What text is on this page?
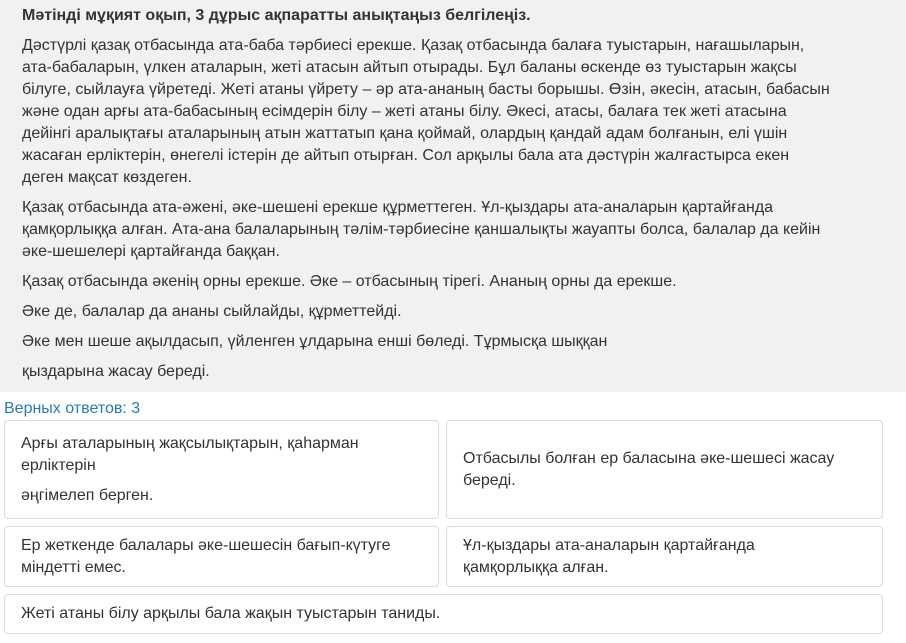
Мәтінді мұқият оқып, 3 дұрыс ақпаратты анықтаңыз белгілеңіз.

Дәстүрлі қазақ отбасында ата-баба тәрбиесі ерекше. Қазақ отбасында балаға туыстарын, нағашыларын,
ата-бабаларын, үлкен аталарын, жеті атасын айтып отырады. Бұл баланы өскенде өз туыстарын жақсы
білуге, сыйлауға үйретеді. Жеті атаны үйрету – әр ата-ананың басты борышы. Өзін, әкесін, атасын, бабасын
және одан арғы ата-бабасының есімдерін білу – жеті атаны білу. Әкесі, атасы, балаға тек жеті атасына
дейінгі аралықтағы аталарының атын жаттатып қана қоймай, олардың қандай адам болғанын, елі үшін
жасаған ерліктерін, өнегелі істерін де айтып отырған. Сол арқылы бала ата дәстүрін жалғастырса екен
деген мақсат көздеген.

Қазақ отбасында ата-әжені, әке-шешені ерекше құрметтеген. Ұл-қыздары ата-аналарын қартайғанда
қамқорлыққа алған. Ата-ана балаларының тәлім-тәрбиесіне қаншалықты жауапты болса, балалар да кейін
әке-шешелері қартайғанда баққан.

Қазақ отбасында әкенің орны ерекше. Әке – отбасының тірегі. Ананың орны да ерекше.

Әке де, балалар да ананы сыйлайды, құрметтейді.

Әке мен шеше ақылдасып, үйленген ұлдарына енші бөледі. Тұрмысқа шыққан

қыздарына жасау береді.

Верных ответов: 3
Арғы аталарының жақсылықтарын, қаһарман
ерліктерін
әңгімелеп берген.
Отбасылы болған ер баласына әке-шешесі жасау
береді.
Ер жеткенде балалары әке-шешесін бағып-күтуге
міндетті емес.
Ұл-қыздары ата-аналарын қартайғанда
қамқорлыққа алған.
Жеті атаны білу арқылы бала жақын туыстарын таниды.
